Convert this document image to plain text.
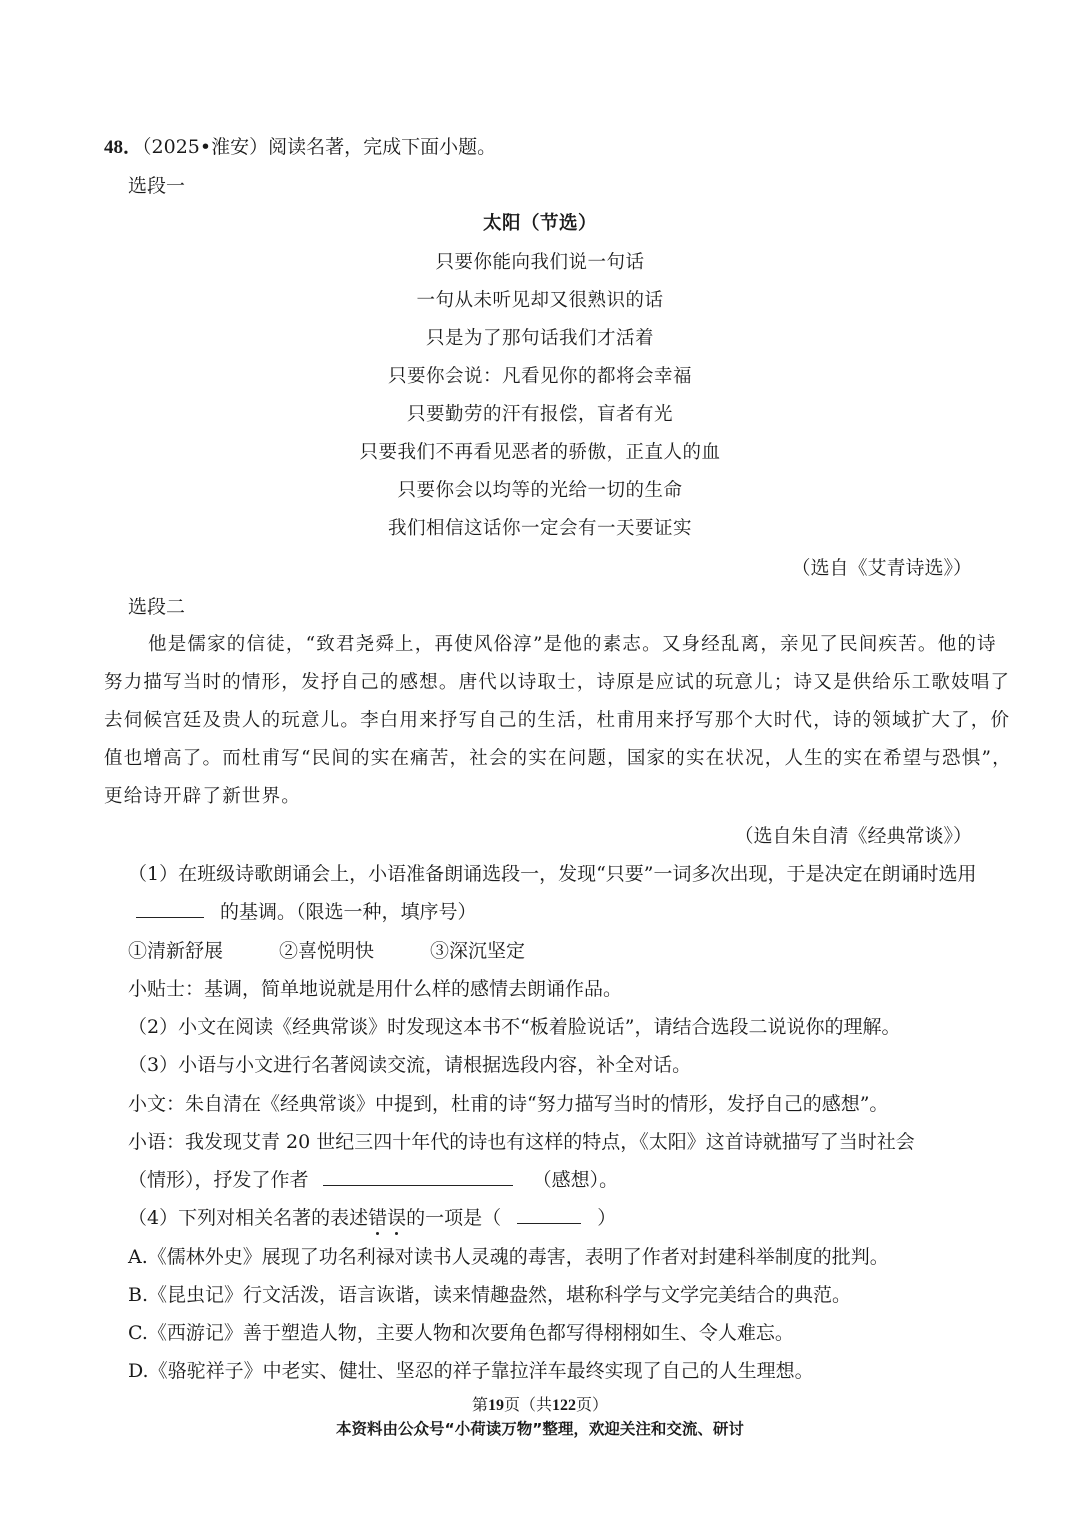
48．（2025•淮安）阅读名著，完成下面小题。
选段一
太阳（节选）
只要你能向我们说一句话
一句从未听见却又很熟识的话
只是为了那句话我们才活着
只要你会说：凡看见你的都将会幸福
只要勤劳的汗有报偿，盲者有光
只要我们不再看见恶者的骄傲，正直人的血
只要你会以均等的光给一切的生命
我们相信这话你一定会有一天要证实
（选自《艾青诗选》）
选段二
他是儒家的信徒，“致君尧舜上，再使风俗淳”是他的素志。又身经乱离，亲见了民间疾苦。他的诗
努力描写当时的情形，发抒自己的感想。唐代以诗取士，诗原是应试的玩意儿；诗又是供给乐工歌妓唱了
去伺候宫廷及贵人的玩意儿。李白用来抒写自己的生活，杜甫用来抒写那个大时代，诗的领域扩大了，价
值也增高了。而杜甫写“民间的实在痛苦，社会的实在问题，国家的实在状况，人生的实在希望与恐惧”，
更给诗开辟了新世界。
（选自朱自清《经典常谈》）
（1）在班级诗歌朗诵会上，小语准备朗诵选段一，发现“只要”一词多次出现，于是决定在朗诵时选用
的基调。（限选一种，填序号）
①清新舒展	②喜悦明快	③深沉坚定
小贴士：基调，简单地说就是用什么样的感情去朗诵作品。
（2）小文在阅读《经典常谈》时发现这本书不“板着脸说话”，请结合选段二说说你的理解。
（3）小语与小文进行名著阅读交流，请根据选段内容，补全对话。
小文：朱自清在《经典常谈》中提到，杜甫的诗“努力描写当时的情形，发抒自己的感想”。
小语：我发现艾青 20 世纪三四十年代的诗也有这样的特点，《太阳》这首诗就描写了当时社会
（情形），抒发了作者	（感想）。
（4）下列对相关名著的表述错误的一项是（	）
A.《儒林外史》展现了功名利禄对读书人灵魂的毒害，表明了作者对封建科举制度的批判。
B.《昆虫记》行文活泼，语言诙谐，读来情趣盎然，堪称科学与文学完美结合的典范。
C.《西游记》善于塑造人物，主要人物和次要角色都写得栩栩如生、令人难忘。
D.《骆驼祥子》中老实、健壮、坚忍的祥子靠拉洋车最终实现了自己的人生理想。
第19页（共122页）
本资料由公众号“小荷读万物”整理，欢迎关注和交流、研讨
